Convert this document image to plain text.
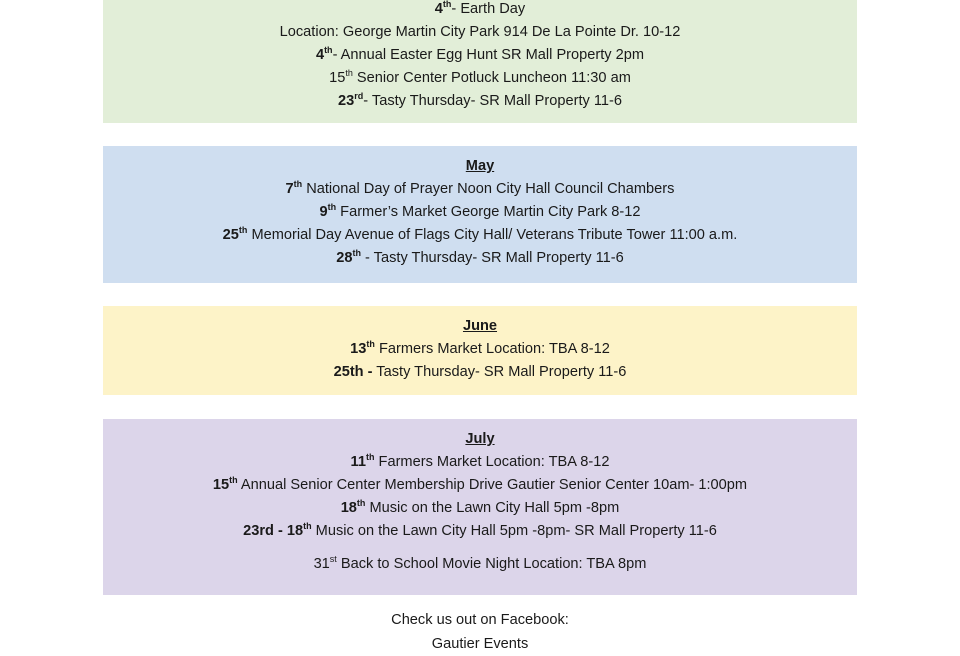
4th- Earth Day
Location: George Martin City Park 914 De La Pointe Dr. 10-12
4th- Annual Easter Egg Hunt SR Mall Property 2pm
15th Senior Center Potluck Luncheon 11:30 am
23rd- Tasty Thursday- SR Mall Property 11-6
May
7th National Day of Prayer Noon City Hall Council Chambers
9th Farmer’s Market George Martin City Park 8-12
25th Memorial Day Avenue of Flags City Hall/ Veterans Tribute Tower 11:00 a.m.
28th - Tasty Thursday- SR Mall Property 11-6
June
13th Farmers Market Location: TBA 8-12
25th - Tasty Thursday- SR Mall Property 11-6
July
11th Farmers Market Location: TBA 8-12
15th Annual Senior Center Membership Drive Gautier Senior Center 10am- 1:00pm
18th Music on the Lawn City Hall 5pm -8pm
23rd - 18th Music on the Lawn City Hall 5pm -8pm- SR Mall Property 11-6
31st Back to School Movie Night Location: TBA 8pm
Check us out on Facebook:
Gautier Events
